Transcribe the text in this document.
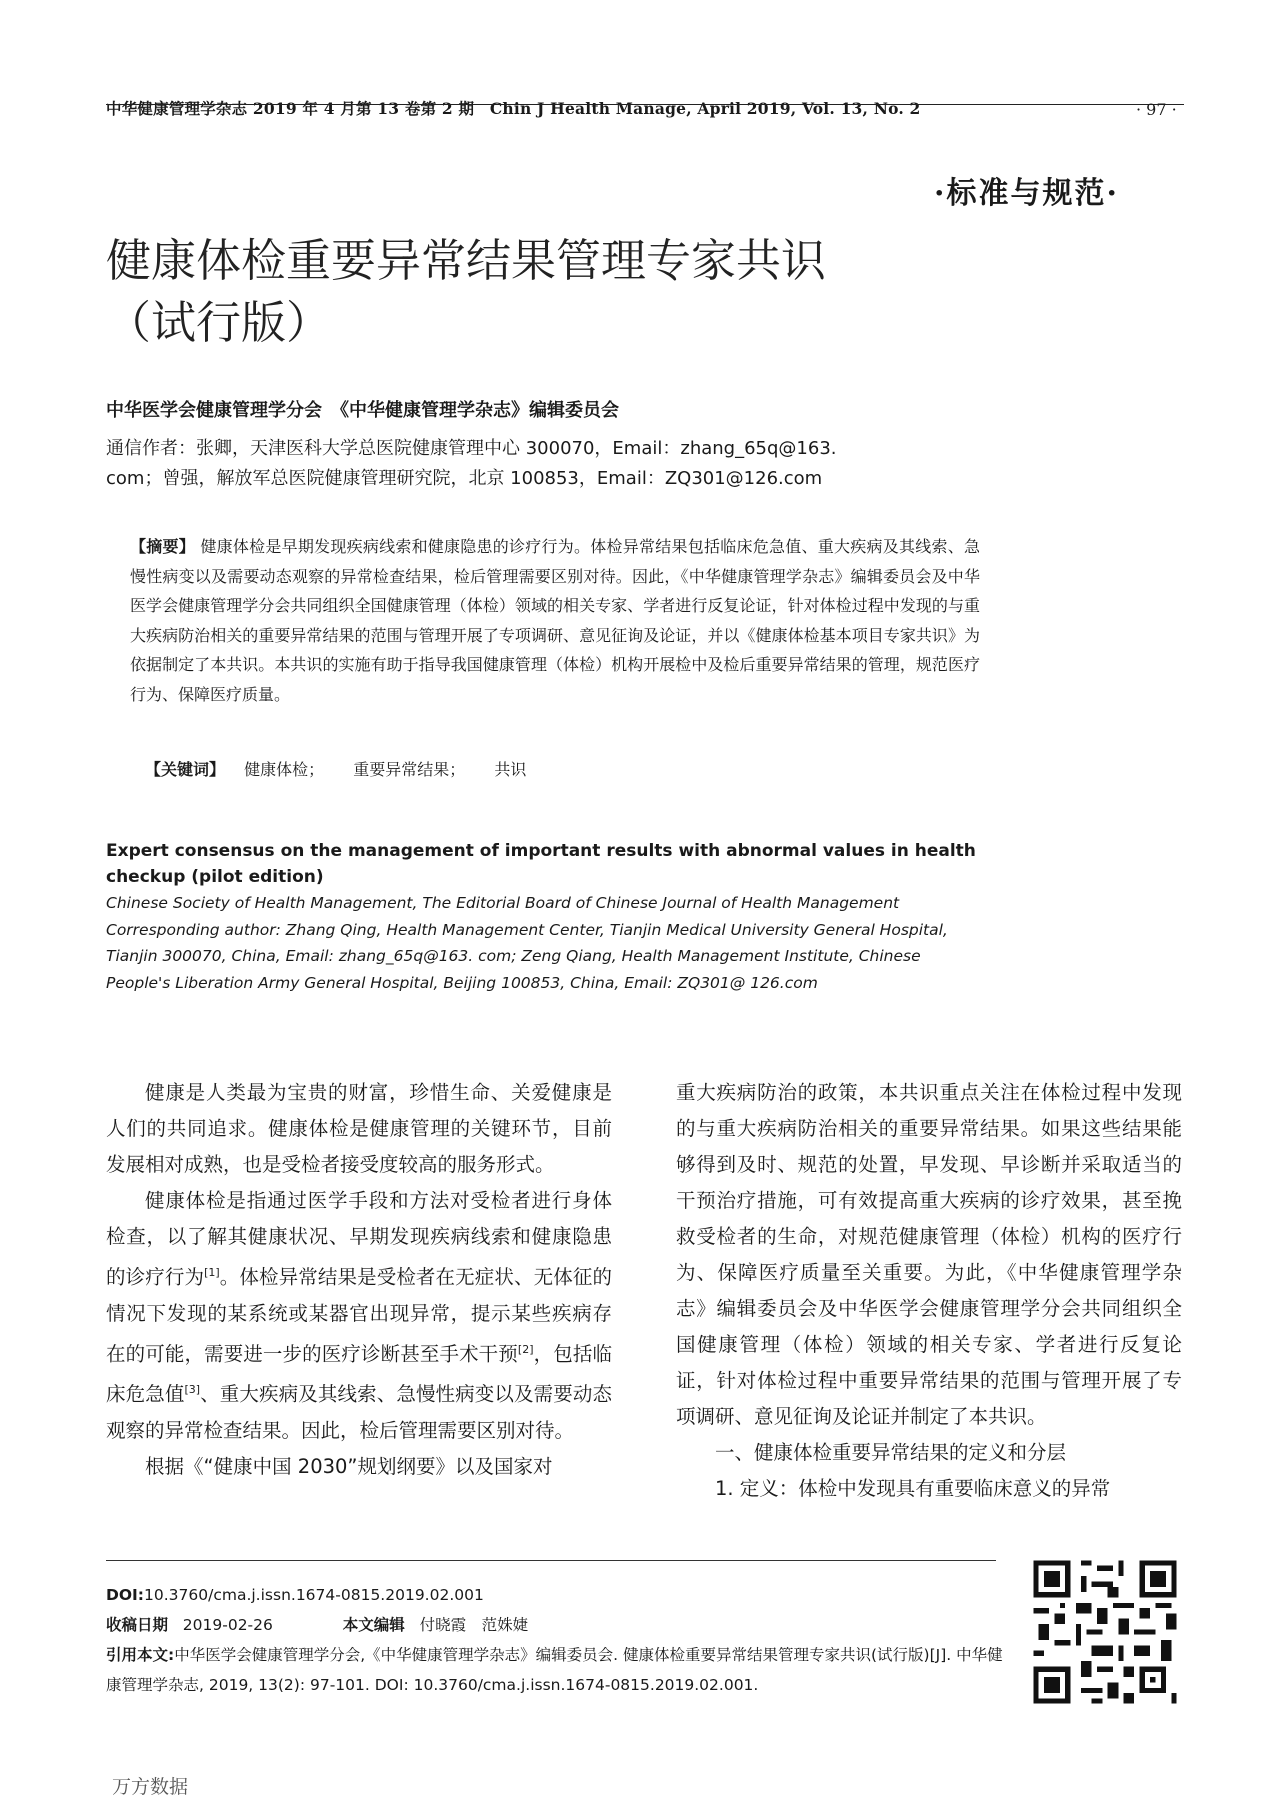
中华健康管理学杂志 2019 年 4 月第 13 卷第 2 期　Chin J Health Manage, April 2019, Vol. 13, No. 2	· 97 ·
·标准与规范·
健康体检重要异常结果管理专家共识
（试行版）
中华医学会健康管理学分会　《中华健康管理学杂志》编辑委员会
通信作者：张卿，天津医科大学总医院健康管理中心 300070，Email：zhang_65q@163.
com；曾强，解放军总医院健康管理研究院，北京 100853，Email：ZQ301@126.com
【摘要】 健康体检是早期发现疾病线索和健康隐患的诊疗行为。体检异常结果包括临床危急值、重大疾病及其线索、急慢性病变以及需要动态观察的异常检查结果，检后管理需要区别对待。因此，《中华健康管理学杂志》编辑委员会及中华医学会健康管理学分会共同组织全国健康管理（体检）领域的相关专家、学者进行反复论证，针对体检过程中发现的与重大疾病防治相关的重要异常结果的范围与管理开展了专项调研、意见征询及论证，并以《健康体检基本项目专家共识》为依据制定了本共识。本共识的实施有助于指导我国健康管理（体检）机构开展检中及检后重要异常结果的管理，规范医疗行为、保障医疗质量。
【关键词】 健康体检； 重要异常结果； 共识
Expert consensus on the management of important results with abnormal values in health checkup (pilot edition)
Chinese Society of Health Management, The Editorial Board of Chinese Journal of Health Management
Corresponding author: Zhang Qing, Health Management Center, Tianjin Medical University General Hospital, Tianjin 300070, China, Email: zhang_65q@163. com; Zeng Qiang, Health Management Institute, Chinese People's Liberation Army General Hospital, Beijing 100853, China, Email: ZQ301@ 126.com

健康是人类最为宝贵的财富，珍惜生命、关爱健康是人们的共同追求。健康体检是健康管理的关键环节，目前发展相对成熟，也是受检者接受度较高的服务形式。

健康体检是指通过医学手段和方法对受检者进行身体检查，以了解其健康状况、早期发现疾病线索和健康隐患的诊疗行为[1]。体检异常结果是受检者在无症状、无体征的情况下发现的某系统或某器官出现异常，提示某些疾病存在的可能，需要进一步的医疗诊断甚至手术干预[2]，包括临床危急值[3]、重大疾病及其线索、急慢性病变以及需要动态观察的异常检查结果。因此，检后管理需要区别对待。

根据《“健康中国 2030”规划纲要》以及国家对

重大疾病防治的政策，本共识重点关注在体检过程中发现的与重大疾病防治相关的重要异常结果。如果这些结果能够得到及时、规范的处置，早发现、早诊断并采取适当的干预治疗措施，可有效提高重大疾病的诊疗效果，甚至挽救受检者的生命，对规范健康管理（体检）机构的医疗行为、保障医疗质量至关重要。为此，《中华健康管理学杂志》编辑委员会及中华医学会健康管理学分会共同组织全国健康管理（体检）领域的相关专家、学者进行反复论证，针对体检过程中重要异常结果的范围与管理开展了专项调研、意见征询及论证并制定了本共识。

一、健康体检重要异常结果的定义和分层

1. 定义：体检中发现具有重要临床意义的异常

DOI:10.3760/cma.j.issn.1674-0815.2019.02.001
收稿日期 2019-02-26	本文编辑 付晓霞　范姝婕
引用本文:中华医学会健康管理学分会,《中华健康管理学杂志》编辑委员会. 健康体检重要异常结果管理专家共识(试行版)[J]. 中华健康管理学杂志, 2019, 13(2): 97-101. DOI: 10.3760/cma.j.issn.1674-0815.2019.02.001.
万方数据
